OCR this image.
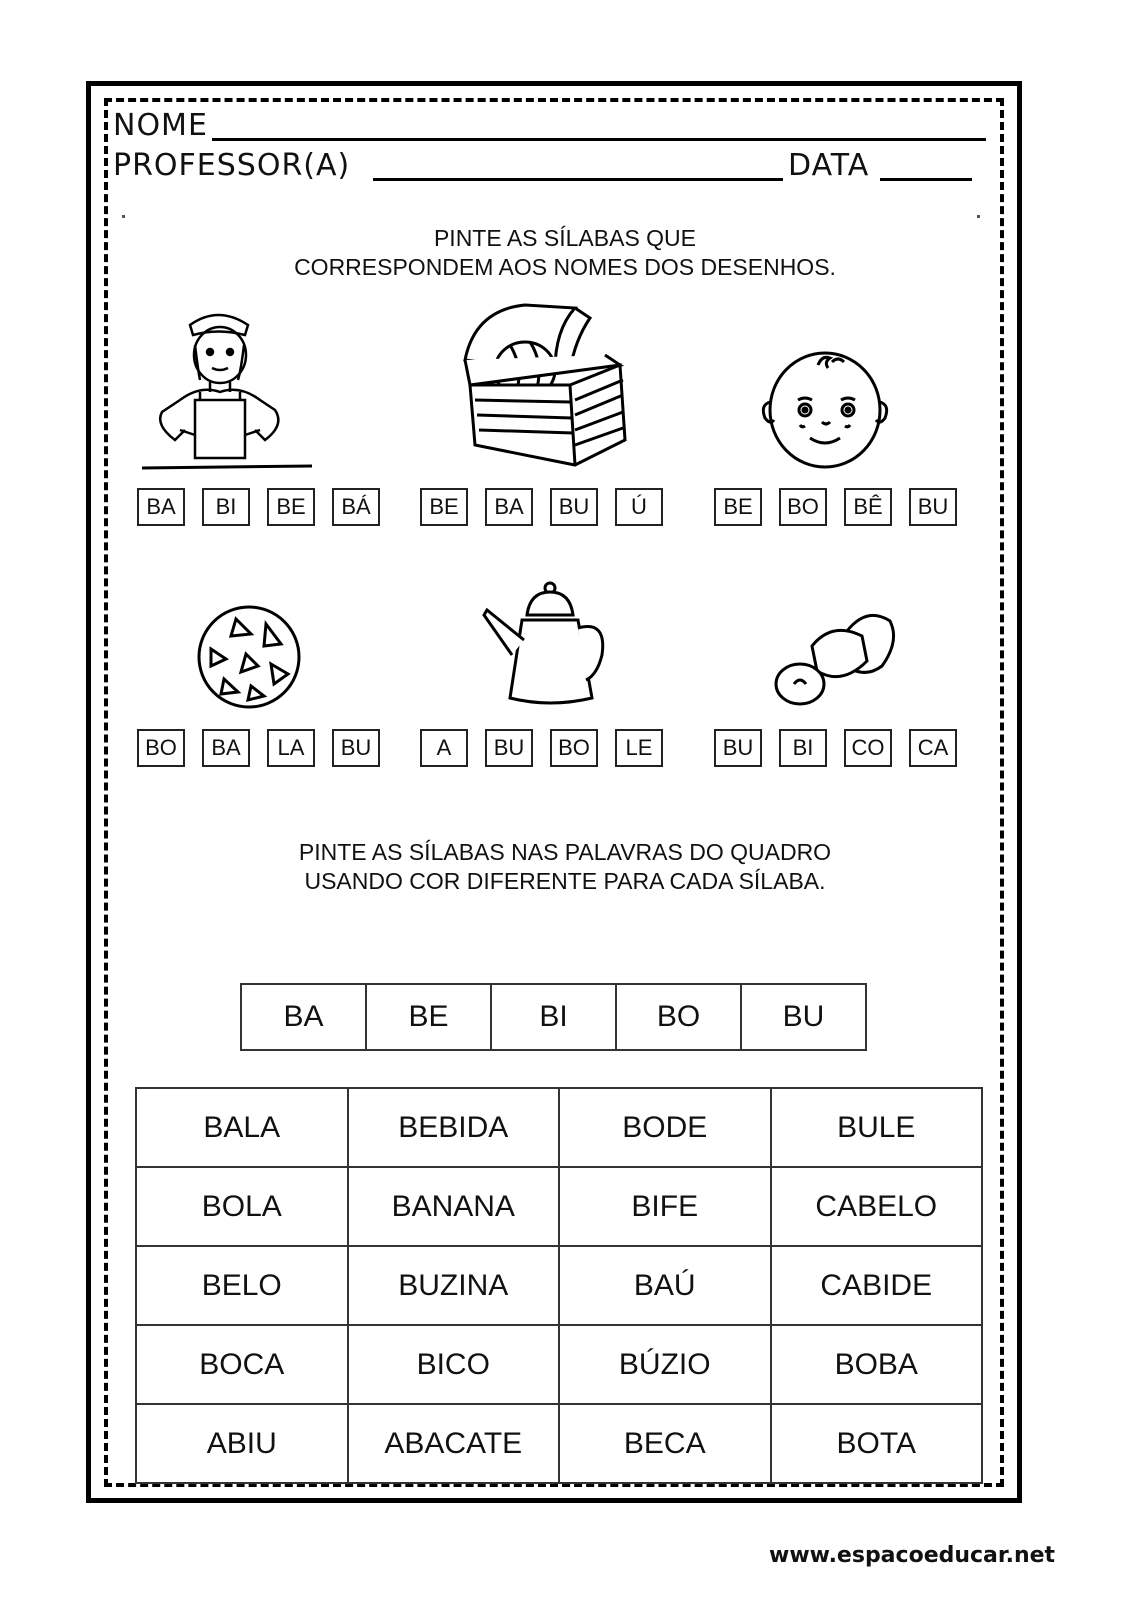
NOME
PROFESSOR(A)	DATA
PINTE AS SÍLABAS QUE
CORRESPONDEM AOS NOMES DOS DESENHOS.
BA	BI	BE	BÁ	BE	BA	BU	Ú	BE	BO	BÊ	BU
BO	BA	LA	BU	A	BU	BO	LE	BU	BI	CO	CA
PINTE AS SÍLABAS NAS PALAVRAS DO QUADRO
USANDO COR DIFERENTE PARA CADA SÍLABA.
BA	BE	BI	BO	BU
BALA	BEBIDA	BODE	BULE
BOLA	BANANA	BIFE	CABELO
BELO	BUZINA	BAÚ	CABIDE
BOCA	BICO	BÚZIO	BOBA
ABIU	ABACATE	BECA	BOTA
www.espacoeducar.net
